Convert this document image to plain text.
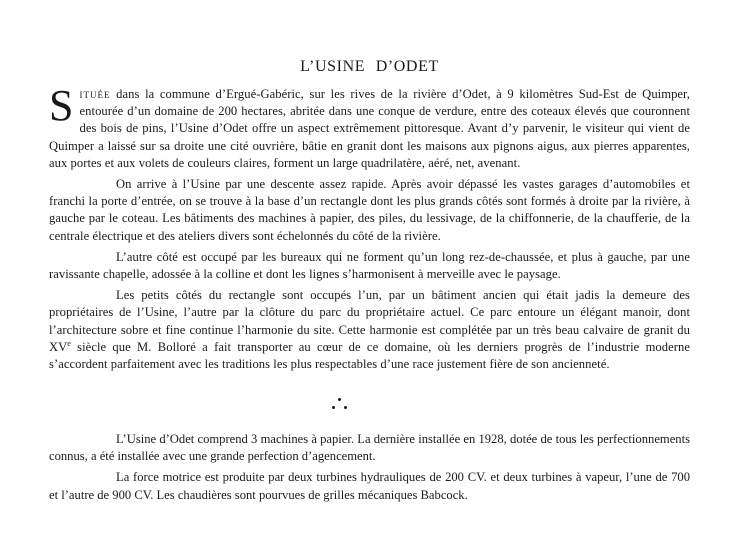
L’USINE D’ODET

Située dans la commune d’Ergué-Gabéric, sur les rives de la rivière d’Odet, à 9 kilomètres Sud-Est de Quimper, entourée d’un domaine de 200 hectares, abritée dans une conque de verdure, entre des coteaux élevés que couronnent des bois de pins, l’Usine d’Odet offre un aspect extrêmement pittoresque. Avant d’y parvenir, le visiteur qui vient de Quimper a laissé sur sa droite une cité ouvrière, bâtie en granit dont les maisons aux pignons aigus, aux pierres apparentes, aux portes et aux volets de couleurs claires, forment un large quadrilatère, aéré, net, avenant.

On arrive à l’Usine par une descente assez rapide. Après avoir dépassé les vastes garages d’automobiles et franchi la porte d’entrée, on se trouve à la base d’un rectangle dont les plus grands côtés sont formés à droite par la rivière, à gauche par le coteau. Les bâtiments des machines à papier, des piles, du lessivage, de la chiffonnerie, de la chaufferie, de la centrale électrique et des ateliers divers sont échelonnés du côté de la rivière.

L’autre côté est occupé par les bureaux qui ne forment qu’un long rez-de-chaussée, et plus à gauche, par une ravissante chapelle, adossée à la colline et dont les lignes s’harmonisent à merveille avec le paysage.

Les petits côtés du rectangle sont occupés l’un, par un bâtiment ancien qui était jadis la demeure des propriétaires de l’Usine, l’autre par la clôture du parc du propriétaire actuel. Ce parc entoure un élégant manoir, dont l’architecture sobre et fine continue l’harmonie du site. Cette harmonie est complétée par un très beau calvaire de granit du XVe siècle que M. Bolloré a fait transporter au cœur de ce domaine, où les derniers progrès de l’industrie moderne s’accordent parfaitement avec les traditions les plus respectables d’une race justement fière de son ancienneté.

L’Usine d’Odet comprend 3 machines à papier. La dernière installée en 1928, dotée de tous les perfectionnements connus, a été installée avec une grande perfection d’agencement.

La force motrice est produite par deux turbines hydrauliques de 200 CV. et deux turbines à vapeur, l’une de 700 et l’autre de 900 CV. Les chaudières sont pourvues de grilles mécaniques Babcock.
